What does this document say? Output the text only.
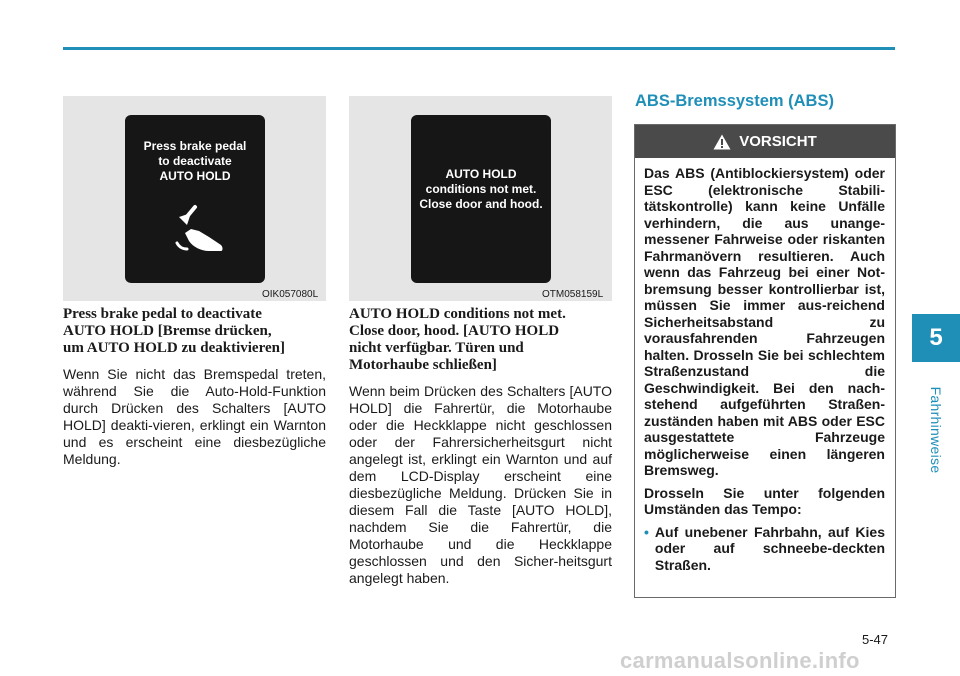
5
Fahrhinweise
Press brake pedal
to deactivate
AUTO HOLD
OIK057080L
AUTO HOLD
conditions not met.
Close door and hood.
OTM058159L
Press brake pedal to deactivate
AUTO HOLD [Bremse drücken,
um AUTO HOLD zu deaktivieren]

Wenn Sie nicht das Bremspedal treten, während Sie die Auto-Hold-Funktion durch Drücken des Schalters [AUTO HOLD] deakti-vieren, erklingt ein Warnton und es erscheint eine diesbezügliche Meldung.

AUTO HOLD conditions not met.
Close door, hood. [AUTO HOLD
nicht verfügbar. Türen und
Motorhaube schließen]

Wenn beim Drücken des Schalters [AUTO HOLD] die Fahrertür, die Motorhaube oder die Heckklappe nicht geschlossen oder der Fahrersicherheitsgurt nicht angelegt ist, erklingt ein Warnton und auf dem LCD-Display erscheint eine diesbezügliche Meldung. Drücken Sie in diesem Fall die Taste [AUTO HOLD], nachdem Sie die Fahrertür, die Motorhaube und die Heckklappe geschlossen und den Sicher-heitsgurt angelegt haben.

ABS-Bremssystem (ABS)
VORSICHT

Das ABS (Antiblockiersystem) oder ESC (elektronische Stabili-tätskontrolle) kann keine Unfälle verhindern, die aus unange-messener Fahrweise oder riskanten Fahrmanövern resultieren. Auch wenn das Fahrzeug bei einer Not-bremsung besser kontrollierbar ist, müssen Sie immer aus-reichend Sicherheitsabstand zu vorausfahrenden Fahrzeugen halten. Drosseln Sie bei schlechtem Straßenzustand die Geschwindigkeit. Bei den nach-stehend aufgeführten Straßen-zuständen haben mit ABS oder ESC ausgestattete Fahrzeuge möglicherweise einen längeren Bremsweg.

Drosseln Sie unter folgenden Umständen das Tempo:

• Auf unebener Fahrbahn, auf Kies oder auf schneebe-deckten Straßen.
5-47
carmanualsonline.info
